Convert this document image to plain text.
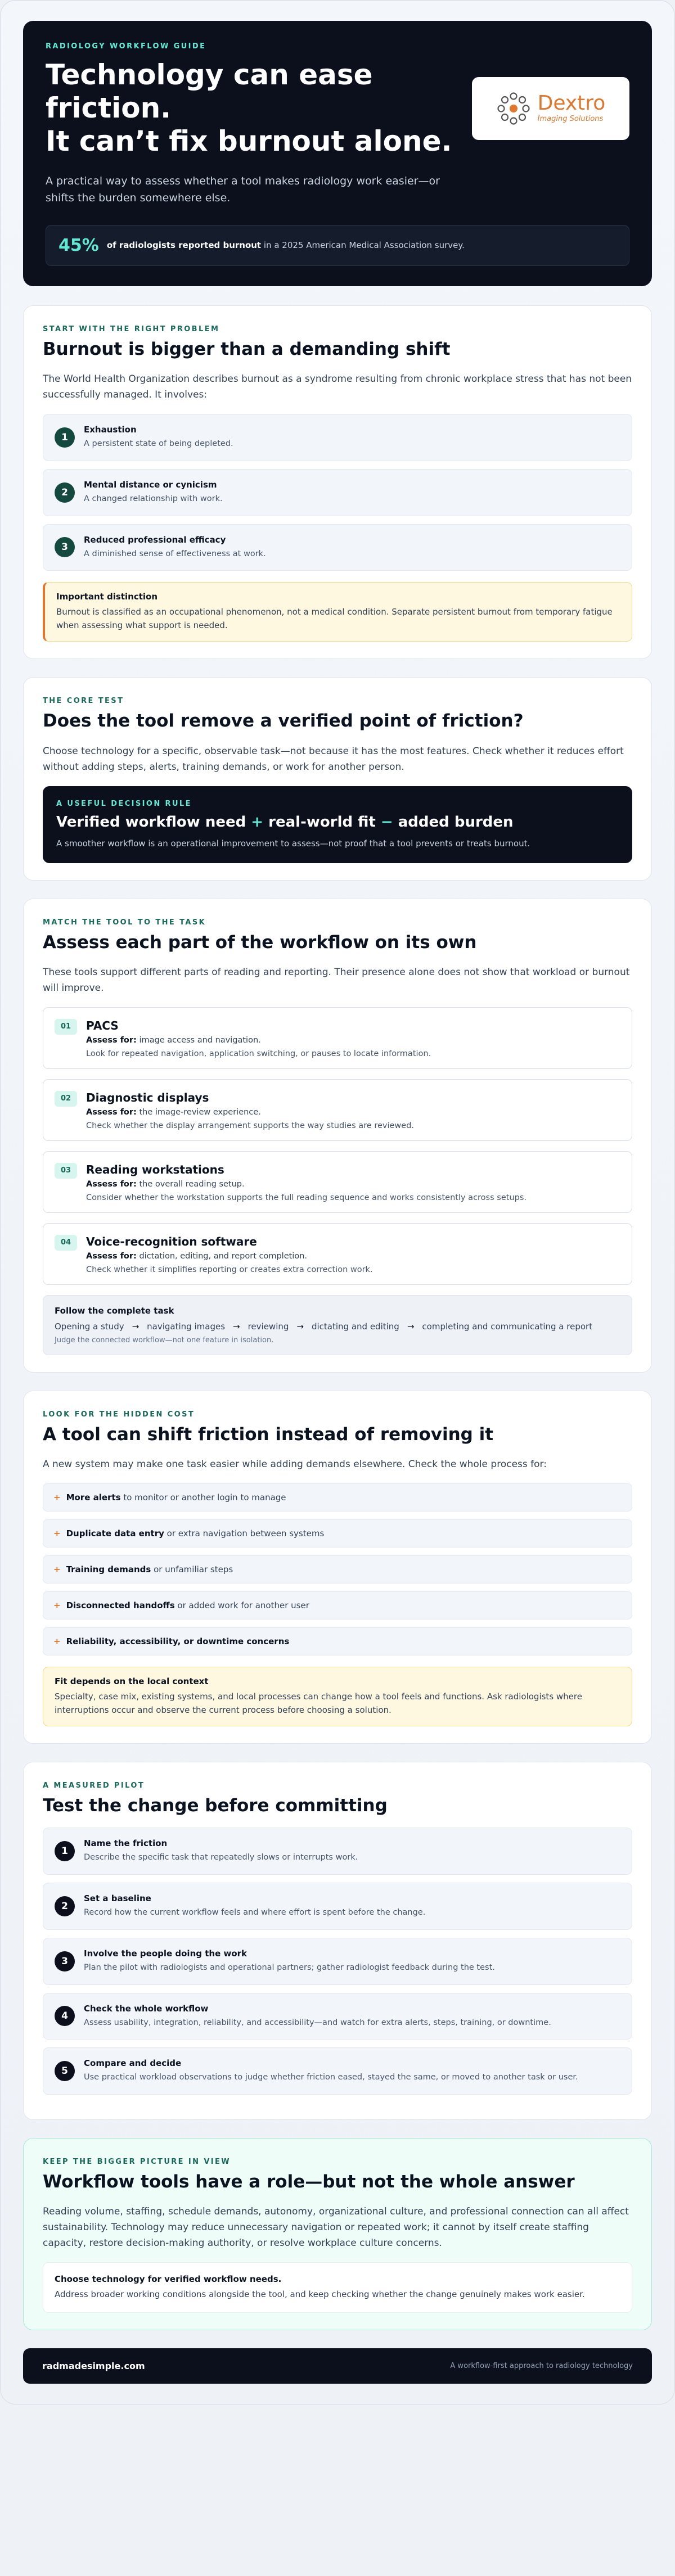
RADIOLOGY WORKFLOW GUIDE
Technology can ease
friction.
It can’t fix burnout alone.
Dextro
Imaging Solutions

A practical way to assess whether a tool makes radiology work easier—or shifts the burden somewhere else.

45% of radiologists reported burnout in a 2025 American Medical Association survey.
START WITH THE RIGHT PROBLEM
Burnout is bigger than a demanding shift

The World Health Organization describes burnout as a syndrome resulting from chronic workplace stress that has not been successfully managed. It involves:

1
Exhaustion
A persistent state of being depleted.
2
Mental distance or cynicism
A changed relationship with work.
3
Reduced professional efficacy
A diminished sense of effectiveness at work.
Important distinction
Burnout is classified as an occupational phenomenon, not a medical condition. Separate persistent burnout from temporary fatigue when assessing what support is needed.
THE CORE TEST
Does the tool remove a verified point of friction?

Choose technology for a specific, observable task—not because it has the most features. Check whether it reduces effort without adding steps, alerts, training demands, or work for another person.

A USEFUL DECISION RULE
Verified workflow need + real-world fit − added burden
A smoother workflow is an operational improvement to assess—not proof that a tool prevents or treats burnout.
MATCH THE TOOL TO THE TASK
Assess each part of the workflow on its own

These tools support different parts of reading and reporting. Their presence alone does not show that workload or burnout will improve.

01	PACS
Assess for: image access and navigation.
Look for repeated navigation, application switching, or pauses to locate information.
02	Diagnostic displays
Assess for: the image-review experience.
Check whether the display arrangement supports the way studies are reviewed.
03	Reading workstations
Assess for: the overall reading setup.
Consider whether the workstation supports the full reading sequence and works consistently across setups.
04	Voice-recognition software
Assess for: dictation, editing, and report completion.
Check whether it simplifies reporting or creates extra correction work.
Follow the complete task
Opening a study → navigating images → reviewing → dictating and editing → completing and communicating a report
Judge the connected workflow—not one feature in isolation.
LOOK FOR THE HIDDEN COST
A tool can shift friction instead of removing it

A new system may make one task easier while adding demands elsewhere. Check the whole process for:

+ More alerts to monitor or another login to manage
+ Duplicate data entry or extra navigation between systems
+ Training demands or unfamiliar steps
+ Disconnected handoffs or added work for another user
+ Reliability, accessibility, or downtime concerns
Fit depends on the local context
Specialty, case mix, existing systems, and local processes can change how a tool feels and functions. Ask radiologists where interruptions occur and observe the current process before choosing a solution.
A MEASURED PILOT
Test the change before committing
1
Name the friction
Describe the specific task that repeatedly slows or interrupts work.
2
Set a baseline
Record how the current workflow feels and where effort is spent before the change.
3
Involve the people doing the work
Plan the pilot with radiologists and operational partners; gather radiologist feedback during the test.
4
Check the whole workflow
Assess usability, integration, reliability, and accessibility—and watch for extra alerts, steps, training, or downtime.
5
Compare and decide
Use practical workload observations to judge whether friction eased, stayed the same, or moved to another task or user.
KEEP THE BIGGER PICTURE IN VIEW
Workflow tools have a role—but not the whole answer

Reading volume, staffing, schedule demands, autonomy, organizational culture, and professional connection can all affect sustainability. Technology may reduce unnecessary navigation or repeated work; it cannot by itself create staffing capacity, restore decision-making authority, or resolve workplace culture concerns.

Choose technology for verified workflow needs.
Address broader working conditions alongside the tool, and keep checking whether the change genuinely makes work easier.
radmadesimple.com	A workflow-first approach to radiology technology
